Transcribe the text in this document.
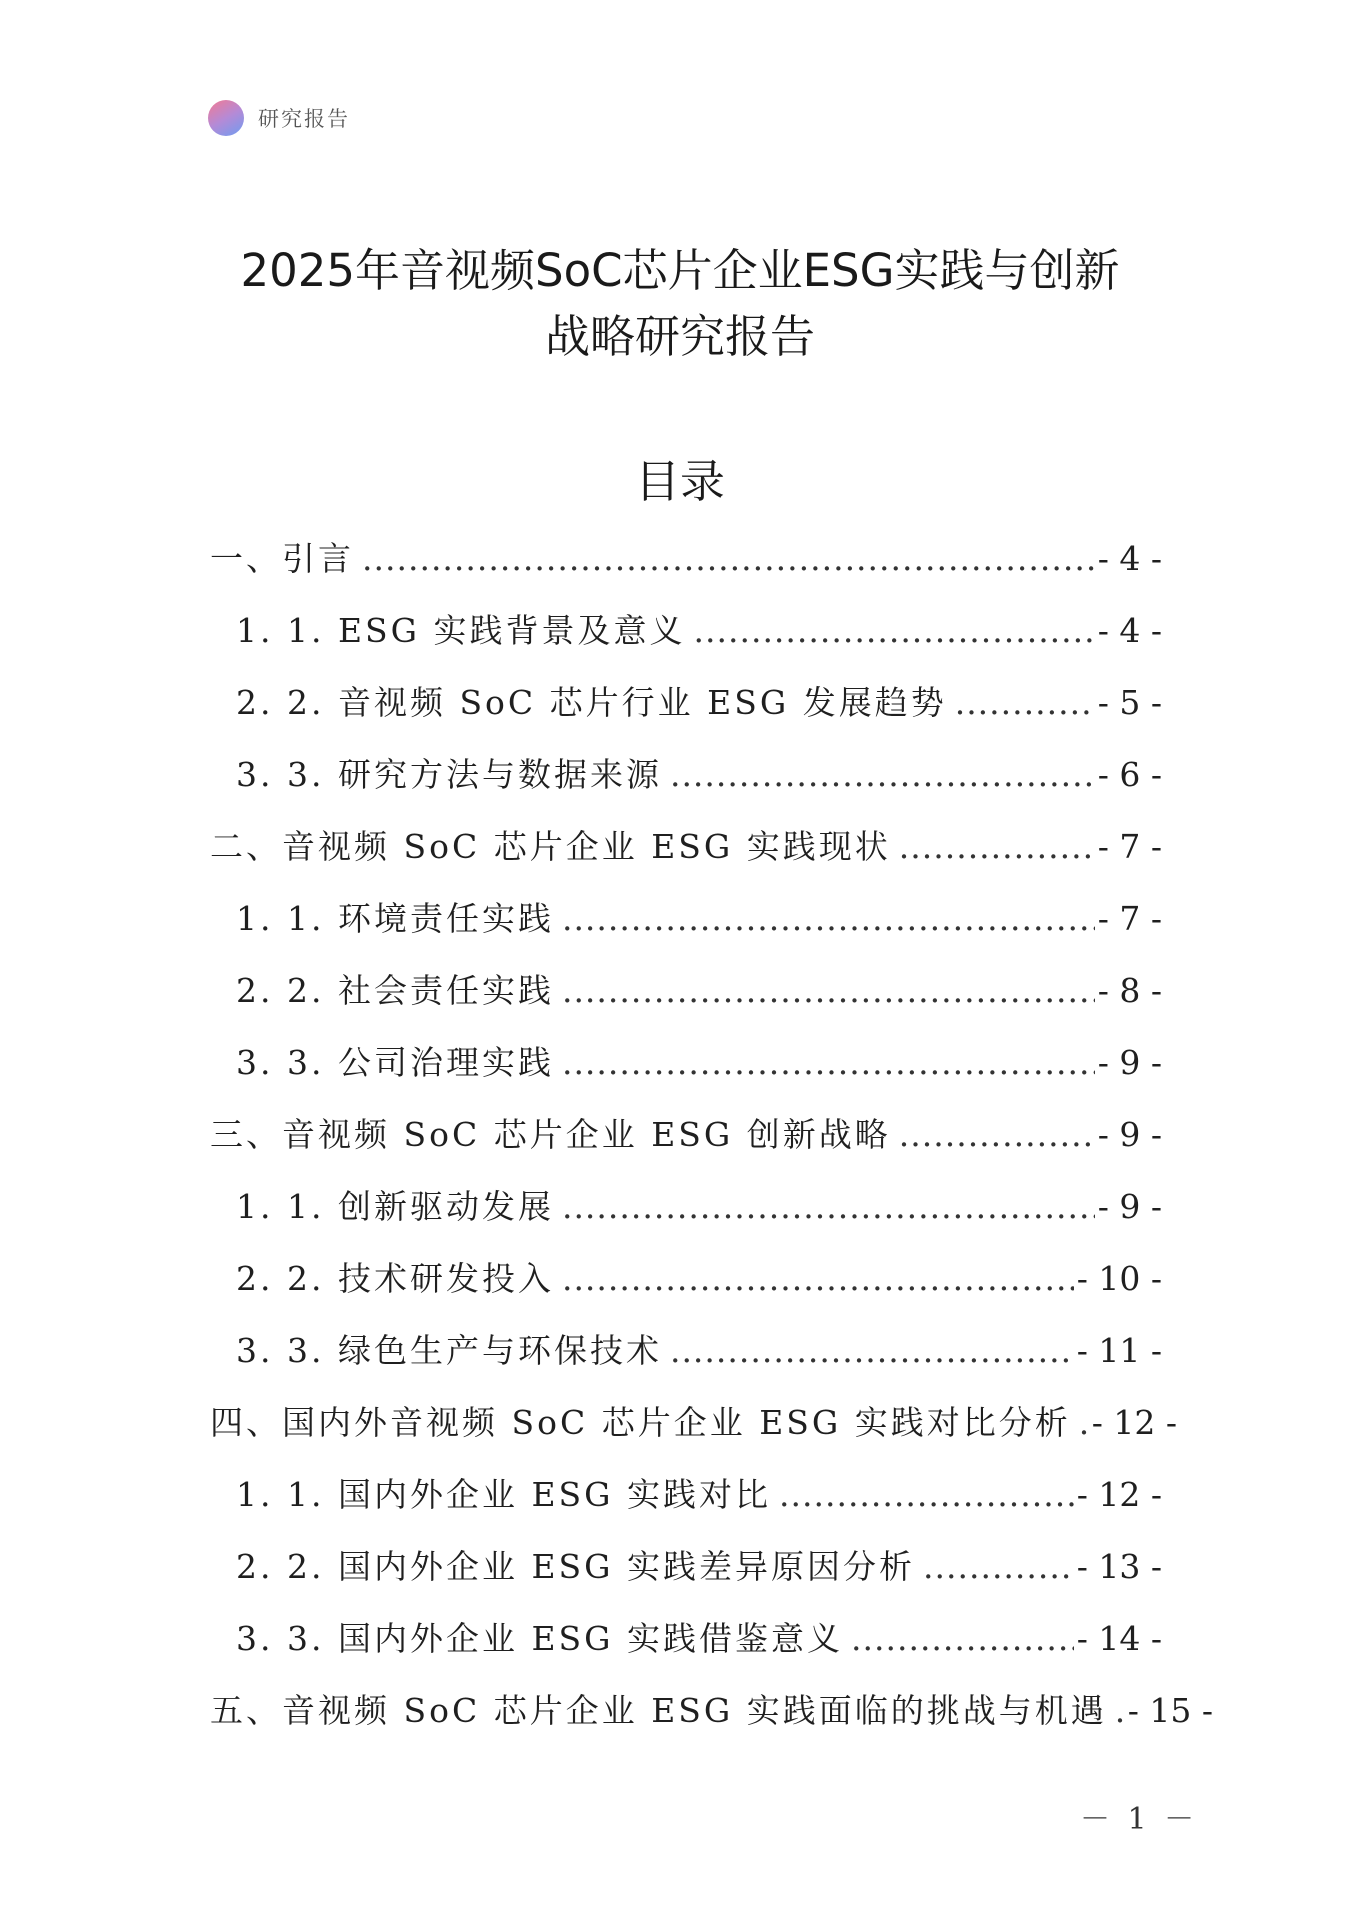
研究报告
2025年音视频SoC芯片企业ESG实践与创新
战略研究报告
目录
一、引言 .....	- 4 -
1. 1. ESG 实践背景及意义 .....	- 4 -
2. 2. 音视频 SoC 芯片行业 ESG 发展趋势 .....	- 5 -
3. 3. 研究方法与数据来源 .....	- 6 -
二、音视频 SoC 芯片企业 ESG 实践现状 .....	- 7 -
1. 1. 环境责任实践 .....	- 7 -
2. 2. 社会责任实践 .....	- 8 -
3. 3. 公司治理实践 .....	- 9 -
三、音视频 SoC 芯片企业 ESG 创新战略 .....	- 9 -
1. 1. 创新驱动发展 .....	- 9 -
2. 2. 技术研发投入 .....	- 10 -
3. 3. 绿色生产与环保技术 .....	- 11 -
四、国内外音视频 SoC 芯片企业 ESG 实践对比分析 ..... - 12 -
1. 1. 国内外企业 ESG 实践对比 .....	- 12 -
2. 2. 国内外企业 ESG 实践差异原因分析 .....	- 13 -
3. 3. 国内外企业 ESG 实践借鉴意义 .....	- 14 -
五、音视频 SoC 芯片企业 ESG 实践面临的挑战与机遇 ..... - 15 -
－ 1 －
